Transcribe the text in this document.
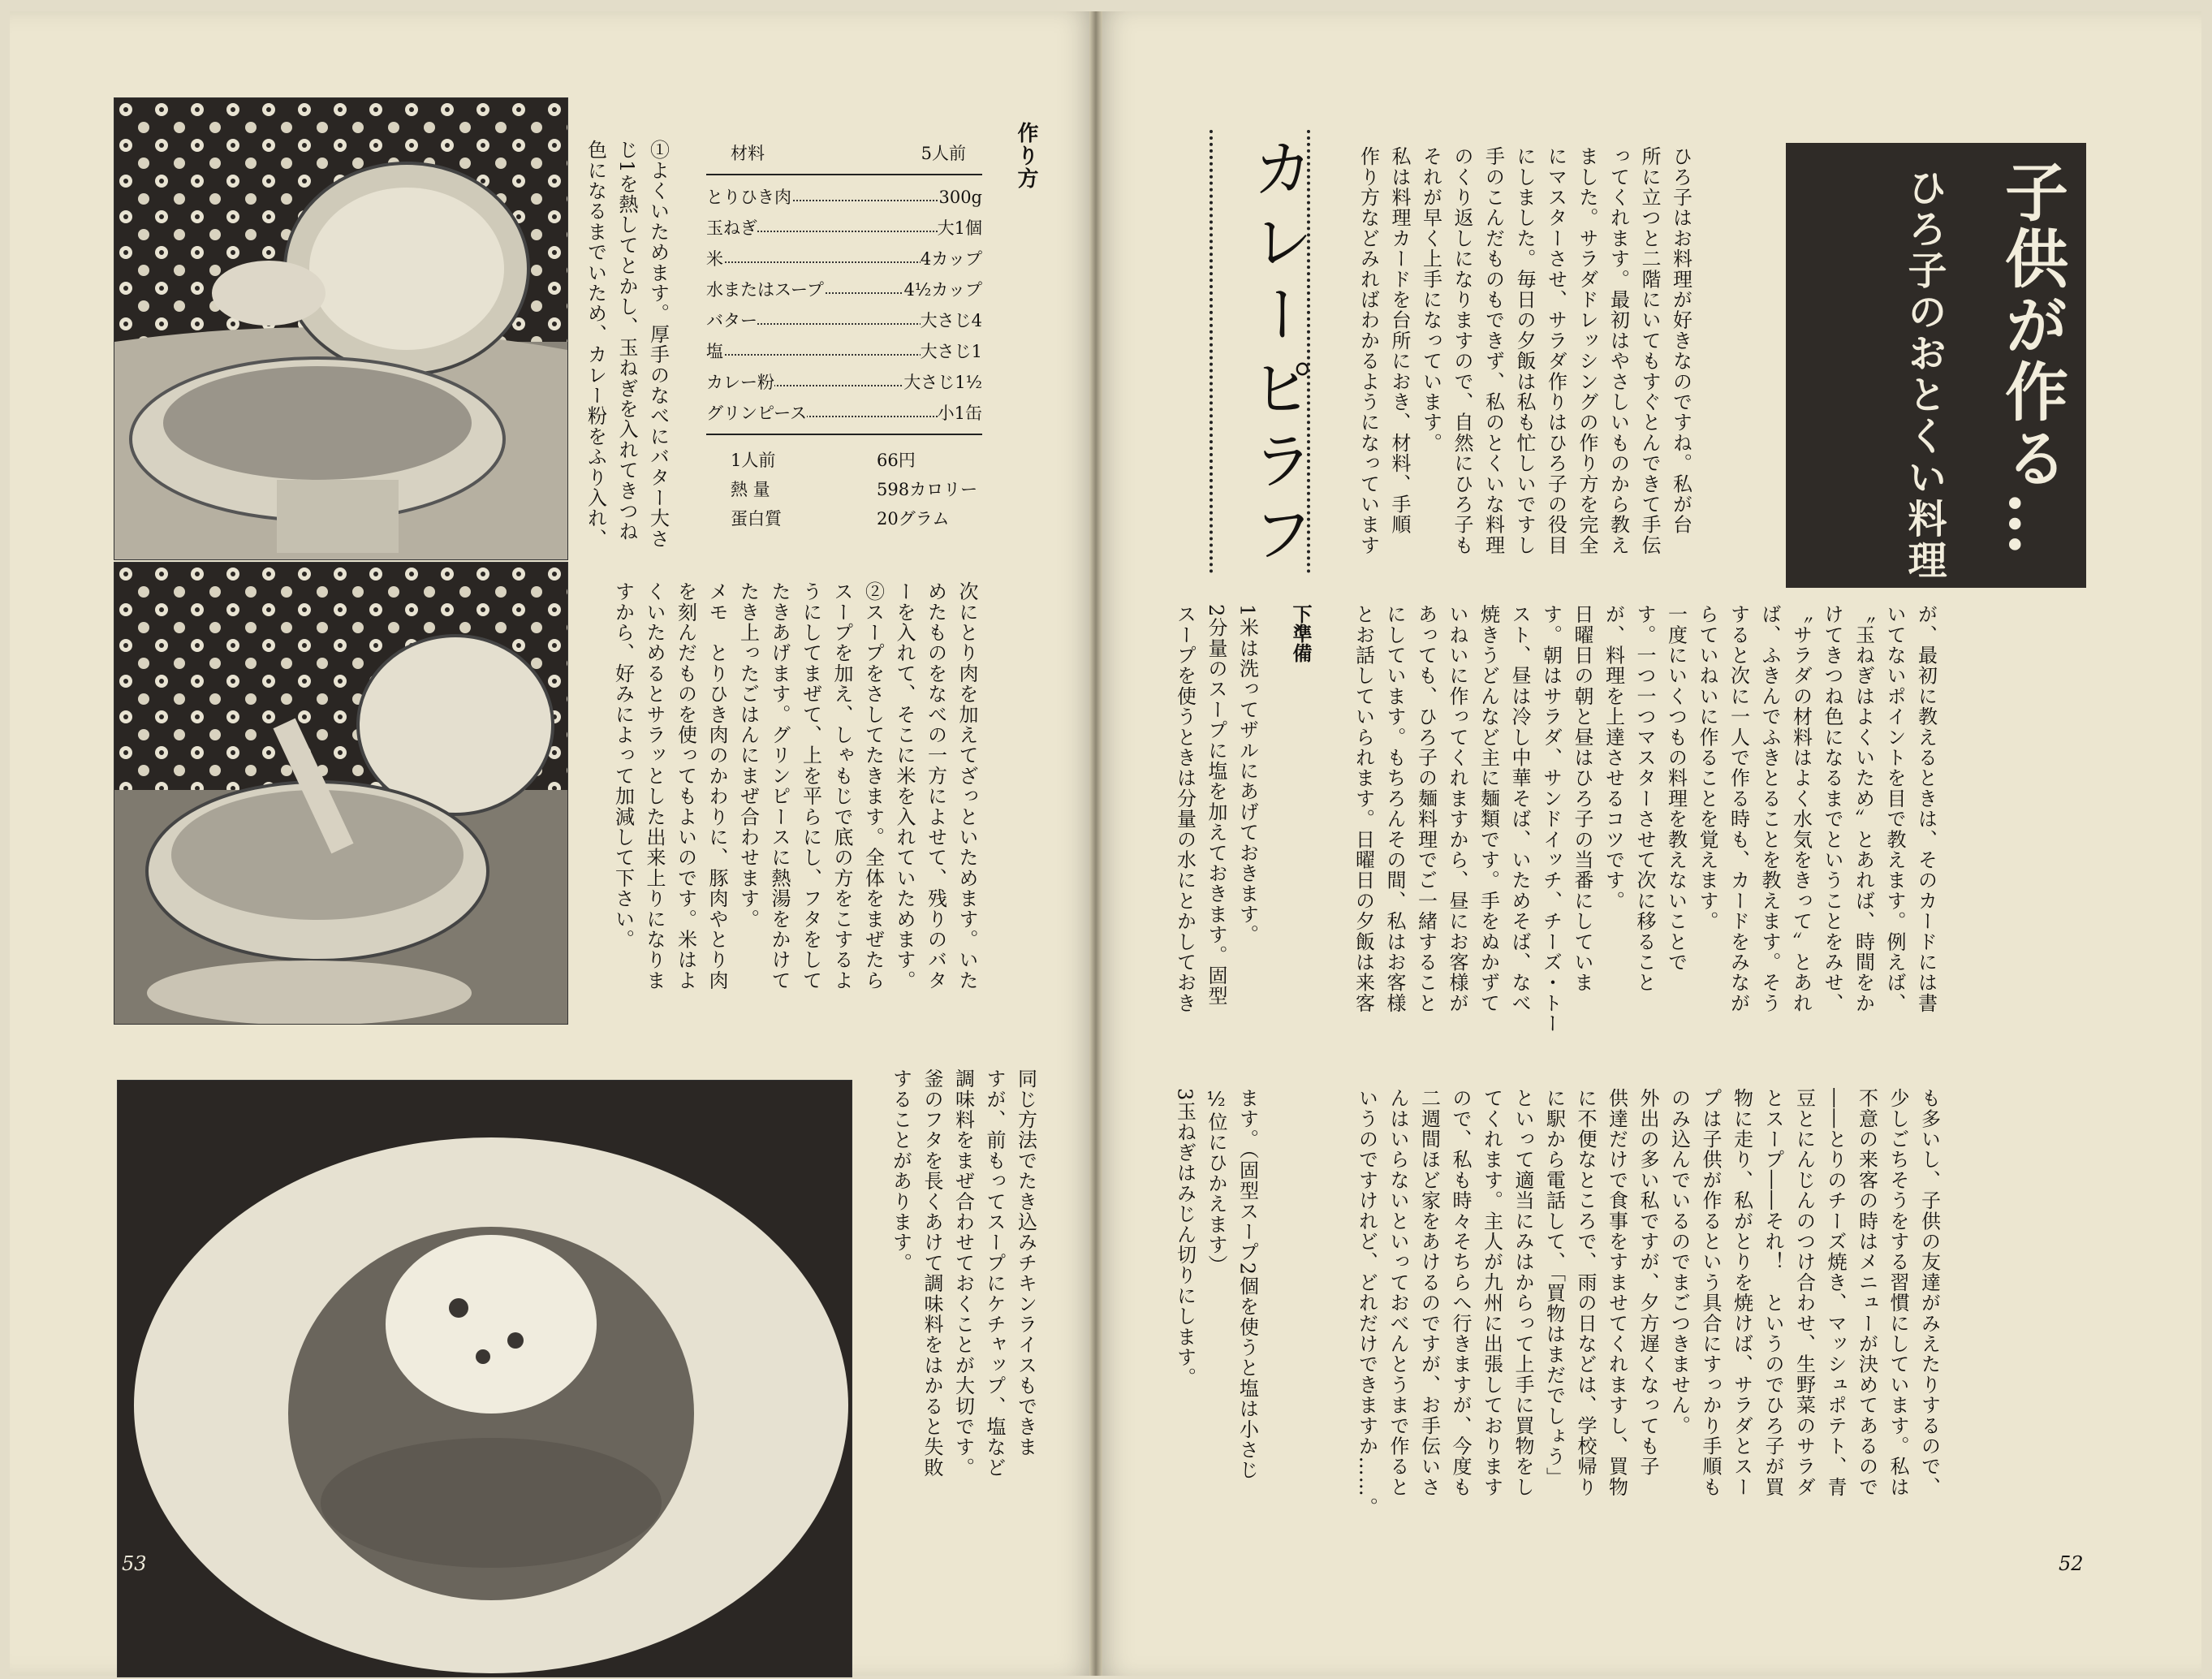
53
作り方
材料	5人前
とりひき肉	300g
玉ねぎ	大1個
米	4カップ
水またはスープ	4½カップ
バター	大さじ4
塩	大さじ1
カレー粉	大さじ1½
グリンピース	小1缶
1人前	66円
熱 量	598カロリー
蛋白質	20グラム
①よくいためます。厚手のなべにバター大さ
じ1を熱してとかし、玉ねぎを入れてきつね
色になるまでいため、カレー粉をふり入れ、
次にとり肉を加えてざっといためます。いた
めたものをなべの一方によせて、残りのバタ
ーを入れて、そこに米を入れていためます。
②スープをさしてたきます。全体をまぜたら
スープを加え、しゃもじで底の方をこするよ
うにしてまぜて、上を平らにし、フタをして
たきあげます。グリンピースに熱湯をかけて
たき上ったごはんにまぜ合わせます。
メモ　とりひき肉のかわりに、豚肉やとり肉
を刻んだものを使ってもよいのです。米はよ
くいためるとサラッとした出来上りになりま
すから、好みによって加減して下さい。
同じ方法でたき込みチキンライスもできま
すが、前もってスープにケチャップ、塩など
調味料をまぜ合わせておくことが大切です。
釜のフタを長くあけて調味料をはかると失敗
することがあります。
子供が作る…
ひろ子のおとくい料理
ひろ子はお料理が好きなのですね。私が台
所に立つと二階にいてもすぐとんできて手伝
ってくれます。最初はやさしいものから教え
ました。サラダドレッシングの作り方を完全
にマスターさせ、サラダ作りはひろ子の役目
にしました。毎日の夕飯は私も忙しいですし
手のこんだものもできず、私のとくいな料理
のくり返しになりますので、自然にひろ子も
それが早く上手になっています。
私は料理カードを台所におき、材料、手順
作り方などみればわかるようになっています
カレーピラフ
が、最初に教えるときは、そのカードには書
いてないポイントを目で教えます。例えば、
〝玉ねぎはよくいため〟とあれば、時間をか
けてきつね色になるまでということをみせ、
〝サラダの材料はよく水気をきって〟とあれ
ば、ふきんでふきとることを教えます。そう
すると次に一人で作る時も、カードをみなが
らていねいに作ることを覚えます。
一度にいくつもの料理を教えないことで
す。一つ一つマスターさせて次に移ること
が、料理を上達させるコツです。
日曜日の朝と昼はひろ子の当番にしていま
す。朝はサラダ、サンドイッチ、チーズ・トー
スト、昼は冷し中華そば、いためそば、なべ
焼きうどんなど主に麺類です。手をぬかずて
いねいに作ってくれますから、昼にお客様が
あっても、ひろ子の麺料理でご一緒すること
にしています。もちろんその間、私はお客様
とお話していられます。日曜日の夕飯は来客
下準備
1米は洗ってザルにあげておきます。
2分量のスープに塩を加えておきます。固型
スープを使うときは分量の水にとかしておき
も多いし、子供の友達がみえたりするので、
少しごちそうをする習慣にしています。私は
不意の来客の時はメニューが決めてあるので
――とりのチーズ焼き、マッシュポテト、青
豆とにんじんのつけ合わせ、生野菜のサラダ
とスープ――それ！　というのでひろ子が買
物に走り、私がとりを焼けば、サラダとスー
プは子供が作るという具合にすっかり手順も
のみ込んでいるのでまごつきません。
外出の多い私ですが、夕方遅くなっても子
供達だけで食事をすませてくれますし、買物
に不便なところで、雨の日などは、学校帰り
に駅から電話して、「買物はまだでしょう」
といって適当にみはからって上手に買物をし
てくれます。主人が九州に出張しております
ので、私も時々そちらへ行きますが、今度も
二週間ほど家をあけるのですが、お手伝いさ
んはいらないといっておべんとうまで作ると
いうのですけれど、どれだけできますか……。
ます。（固型スープ2個を使うと塩は小さじ
½位にひかえます）
3玉ねぎはみじん切りにします。
52
